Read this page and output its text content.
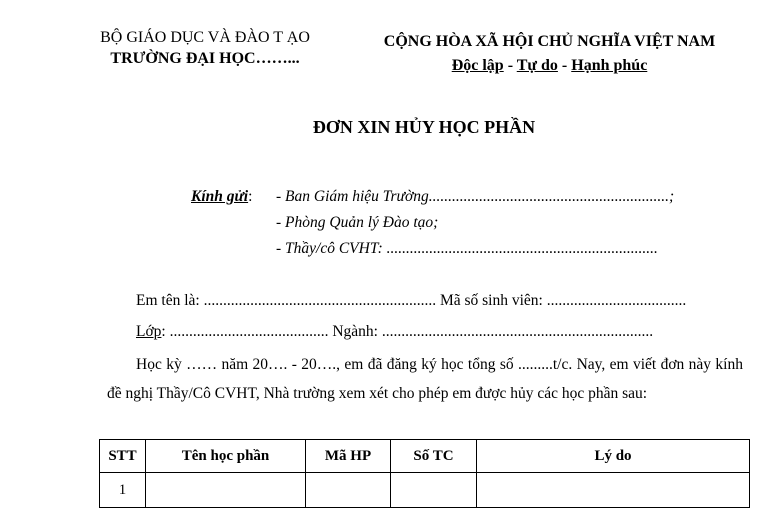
BỘ GIÁO DỤC VÀ ĐÀO T ẠO
TRƯỜNG ĐẠI HỌC……...
CỘNG HÒA XÃ HỘI CHỦ NGHĨA VIỆT NAM
Độc lập - Tự do - Hạnh phúc
ĐƠN XIN HỦY HỌC PHẦN
Kính gửi: - Ban Giám hiệu Trường..............................................................;
- Phòng Quản lý Đào tạo;
- Thầy/cô CVHT: ......................................................................
Em tên là: ............................................................ Mã số sinh viên: ....................................
Lớp: ......................................... Ngành: ......................................................................
Học kỳ …… năm 20…. - 20…., em đã đăng ký học tổng số .........t/c. Nay, em viết đơn này kính đề nghị Thầy/Cô CVHT, Nhà trường xem xét cho phép em được hủy các học phần sau:
STT	Tên học phần	Mã HP	Số TC	Lý do
1				
